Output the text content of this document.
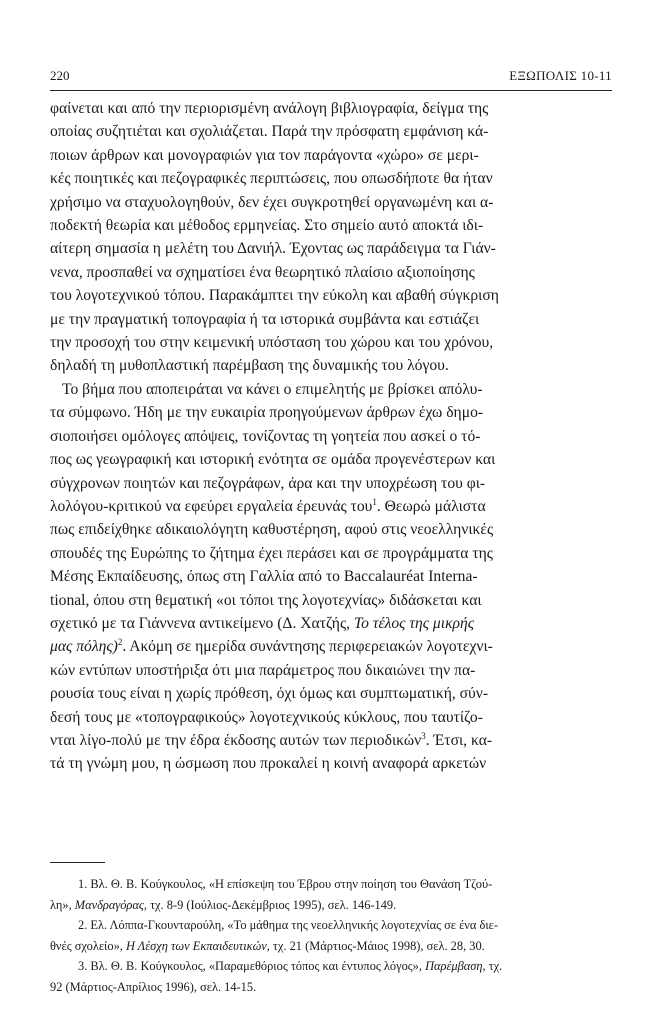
220	ΕΞΩΠΟΛΙΣ 10-11
φαίνεται και από την περιορισμένη ανάλογη βιβλιογραφία, δείγμα της
οποίας συζητιέται και σχολιάζεται. Παρά την πρόσφατη εμφάνιση κά-
ποιων άρθρων και μονογραφιών για τον παράγοντα «χώρο» σε μερι-
κές ποιητικές και πεζογραφικές περιπτώσεις, που οπωσδήποτε θα ήταν
χρήσιμο να σταχυολογηθούν, δεν έχει συγκροτηθεί οργανωμένη και α-
ποδεκτή θεωρία και μέθοδος ερμηνείας. Στο σημείο αυτό αποκτά ιδι-
αίτερη σημασία η μελέτη του Δανιήλ. Έχοντας ως παράδειγμα τα Γιάν-
νενα, προσπαθεί να σχηματίσει ένα θεωρητικό πλαίσιο αξιοποίησης
του λογοτεχνικού τόπου. Παρακάμπτει την εύκολη και αβαθή σύγκριση
με την πραγματική τοπογραφία ή τα ιστορικά συμβάντα και εστιάζει
την προσοχή του στην κειμενική υπόσταση του χώρου και του χρόνου,
δηλαδή τη μυθοπλαστική παρέμβαση της δυναμικής του λόγου.
Το βήμα που αποπειράται να κάνει ο επιμελητής με βρίσκει απόλυ-
τα σύμφωνο. Ήδη με την ευκαιρία προηγούμενων άρθρων έχω δημο-
σιοποιήσει ομόλογες απόψεις, τονίζοντας τη γοητεία που ασκεί ο τό-
πος ως γεωγραφική και ιστορική ενότητα σε ομάδα προγενέστερων και
σύγχρονων ποιητών και πεζογράφων, άρα και την υποχρέωση του φι-
λολόγου-κριτικού να εφεύρει εργαλεία έρευνάς του$^1$. Θεωρώ μάλιστα
πως επιδείχθηκε αδικαιολόγητη καθυστέρηση, αφού στις νεοελληνικές
σπουδές της Ευρώπης το ζήτημα έχει περάσει και σε προγράμματα της
Μέσης Εκπαίδευσης, όπως στη Γαλλία από το Baccalauréat Interna-
tional, όπου στη θεματική «οι τόποι της λογοτεχνίας» διδάσκεται και
σχετικό με τα Γιάννενα αντικείμενο (Δ. Χατζής, Το τέλος της μικρής
μας πόλης)$^2$. Ακόμη σε ημερίδα συνάντησης περιφερειακών λογοτεχνι-
κών εντύπων υποστήριξα ότι μια παράμετρος που δικαιώνει την πα-
ρουσία τους είναι η χωρίς πρόθεση, όχι όμως και συμπτωματική, σύν-
δεσή τους με «τοπογραφικούς» λογοτεχνικούς κύκλους, που ταυτίζο-
νται λίγο-πολύ με την έδρα έκδοσης αυτών των περιοδικών$^3$. Έτσι, κα-
τά τη γνώμη μου, η ώσμωση που προκαλεί η κοινή αναφορά αρκετών
1. Βλ. Θ. Β. Κούγκουλος, «Η επίσκεψη του Έβρου στην ποίηση του Θανάση Τζού-
λη», Μανδραγόρας, τχ. 8-9 (Ιούλιος-Δεκέμβριος 1995), σελ. 146-149.
2. Ελ. Λόππα-Γκουνταρούλη, «Το μάθημα της νεοελληνικής λογοτεχνίας σε ένα διε-
θνές σχολείο», Η Λέσχη των Εκπαιδευτικών, τχ. 21 (Μάρτιος-Μάιος 1998), σελ. 28, 30.
3. Βλ. Θ. Β. Κούγκουλος, «Παραμεθόριος τόπος και έντυπος λόγος», Παρέμβαση, τχ.
92 (Μάρτιος-Απρίλιος 1996), σελ. 14-15.
